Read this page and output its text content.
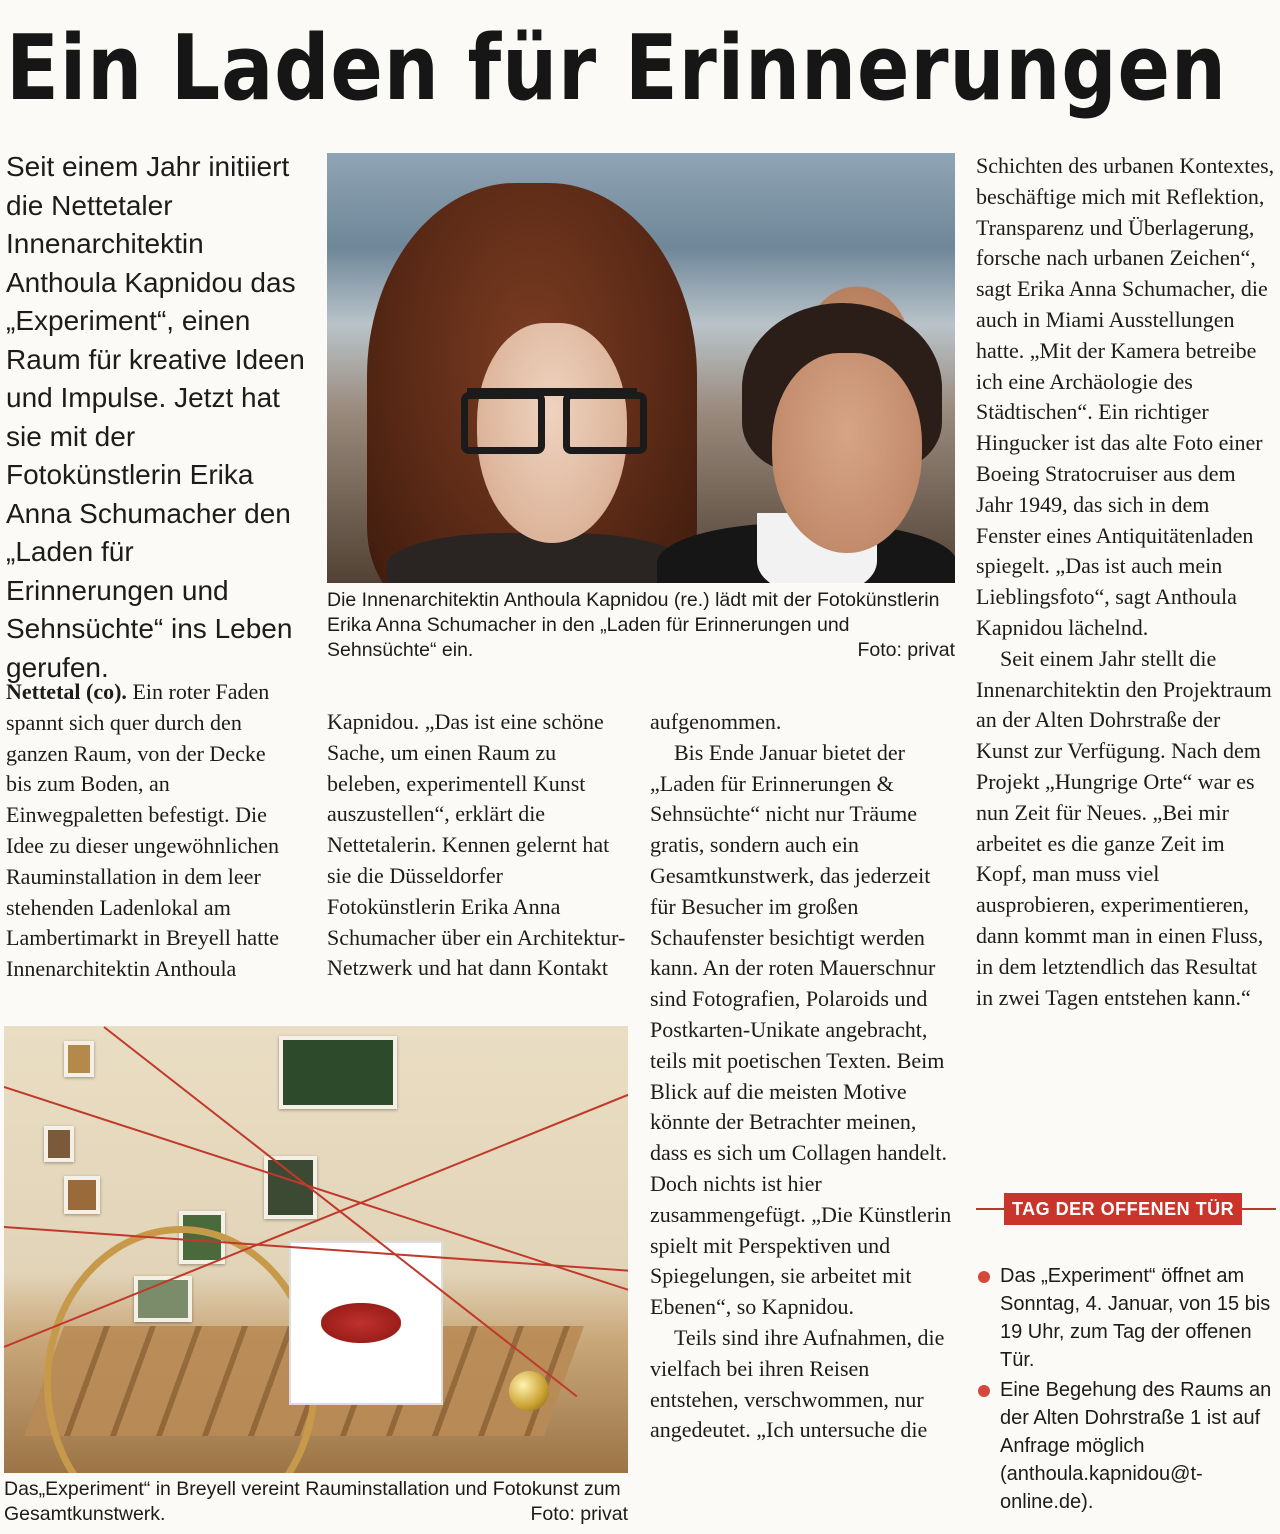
Ein Laden für Erinnerungen

Seit einem Jahr initiiert die Nettetaler Innenarchitektin Anthoula Kapnidou das „Experiment“, einen Raum für kreative Ideen und Impulse. Jetzt hat sie mit der Fotokünstlerin Erika Anna Schumacher den „Laden für Erinnerungen und Sehnsüchte“ ins Leben gerufen.

Die Innenarchitektin Anthoula Kapnidou (re.) lädt mit der Fotokünstlerin Erika Anna Schumacher in den „Laden für Erinnerungen und Sehnsüchte“ ein.	Foto: privat

Nettetal (co). Ein roter Faden spannt sich quer durch den ganzen Raum, von der Decke bis zum Boden, an Einwegpaletten befestigt. Die Idee zu dieser ungewöhnlichen Rauminstallation in dem leer stehenden Ladenlokal am Lambertimarkt in Breyell hatte Innenarchitektin Anthoula

Kapnidou. „Das ist eine schöne Sache, um einen Raum zu beleben, experimentell Kunst auszustellen“, erklärt die Nettetalerin. Kennen gelernt hat sie die Düsseldorfer Fotokünstlerin Erika Anna Schumacher über ein Architektur-Netzwerk und hat dann Kontakt

Das„Experiment“ in Breyell vereint Rauminstallation und Fotokunst zum Gesamtkunstwerk.	Foto: privat

aufgenommen.

Bis Ende Januar bietet der „Laden für Erinnerungen & Sehnsüchte“ nicht nur Träume gratis, sondern auch ein Gesamtkunstwerk, das jederzeit für Besucher im großen Schaufenster besichtigt werden kann. An der roten Mauerschnur sind Fotografien, Polaroids und Postkarten-Unikate angebracht, teils mit poetischen Texten. Beim Blick auf die meisten Motive könnte der Betrachter meinen, dass es sich um Collagen handelt. Doch nichts ist hier zusammengefügt. „Die Künstlerin spielt mit Perspektiven und Spiegelungen, sie arbeitet mit Ebenen“, so Kapnidou.

Teils sind ihre Aufnahmen, die vielfach bei ihren Reisen entstehen, verschwommen, nur angedeutet. „Ich untersuche die

Schichten des urbanen Kontextes, beschäftige mich mit Reflektion, Transparenz und Überlagerung, forsche nach urbanen Zeichen“, sagt Erika Anna Schumacher, die auch in Miami Ausstellungen hatte. „Mit der Kamera betreibe ich eine Archäologie des Städtischen“. Ein richtiger Hingucker ist das alte Foto einer Boeing Stratocruiser aus dem Jahr 1949, das sich in dem Fenster eines Antiquitätenladen spiegelt. „Das ist auch mein Lieblingsfoto“, sagt Anthoula Kapnidou lächelnd.

Seit einem Jahr stellt die Innenarchitektin den Projektraum an der Alten Dohrstraße der Kunst zur Verfügung. Nach dem Projekt „Hungrige Orte“ war es nun Zeit für Neues. „Bei mir arbeitet es die ganze Zeit im Kopf, man muss viel ausprobieren, experimentieren, dann kommt man in einen Fluss, in dem letztendlich das Resultat in zwei Tagen entstehen kann.“

TAG DER OFFENEN TÜR
Das „Experiment“ öffnet am Sonntag, 4. Januar, von 15 bis 19 Uhr, zum Tag der offenen Tür.
Eine Begehung des Raums an der Alten Dohrstraße 1 ist auf Anfrage möglich (anthoula.kapnidou@t-online.de).
